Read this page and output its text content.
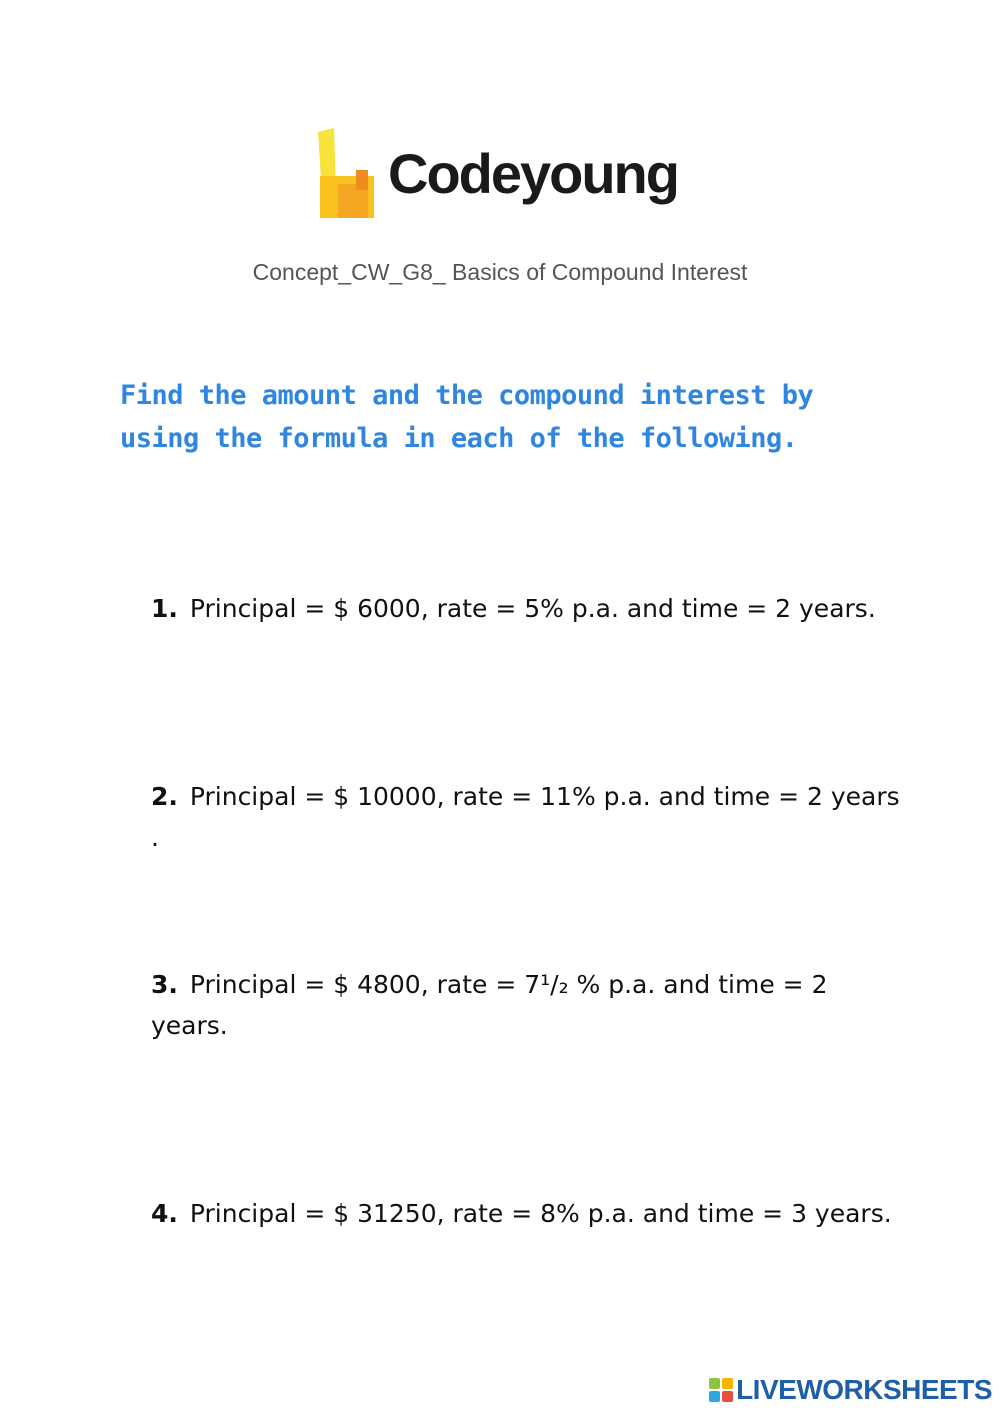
Codeyoung
Concept_CW_G8_ Basics of Compound Interest
Find the amount and the compound interest by
using the formula in each of the following.
1. Principal = $ 6000, rate = 5% p.a. and time = 2 years.
2. Principal = $ 10000, rate = 11% p.a. and time = 2 years .
3. Principal = $ 4800, rate = 7¹/₂ % p.a. and time = 2 years.
4. Principal = $ 31250, rate = 8% p.a. and time = 3 years.
LIVEWORKSHEETS
